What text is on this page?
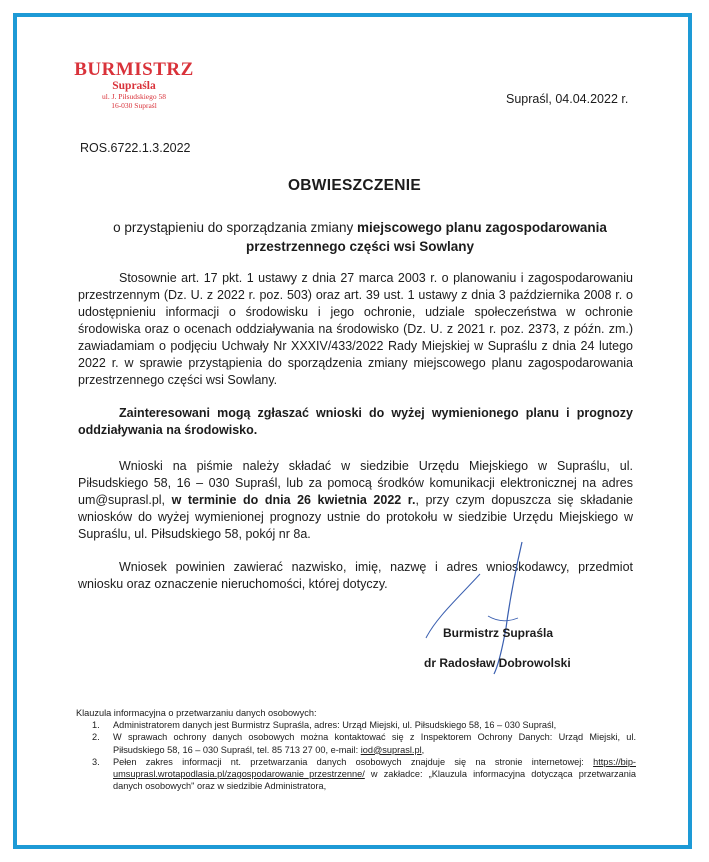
BURMISTRZ
Supraśla
ul. J. Piłsudskiego 58
16-030 Supraśl	Supraśl, 04.04.2022 r.
ROS.6722.1.3.2022
OBWIESZCZENIE
o przystąpieniu do sporządzania zmiany miejscowego planu zagospodarowania przestrzennego części wsi Sowlany
Stosownie art. 17 pkt. 1 ustawy z dnia 27 marca 2003 r. o planowaniu i zagospodarowaniu przestrzennym (Dz. U. z 2022 r. poz. 503) oraz art. 39 ust. 1 ustawy z dnia 3 października 2008 r. o udostępnieniu informacji o środowisku i jego ochronie, udziale społeczeństwa w ochronie środowiska oraz o ocenach oddziaływania na środowisko (Dz. U. z 2021 r. poz. 2373, z późn. zm.) zawiadamiam o podjęciu Uchwały Nr XXXIV/433/2022 Rady Miejskiej w Supraślu z dnia 24 lutego 2022 r. w sprawie przystąpienia do sporządzenia zmiany miejscowego planu zagospodarowania przestrzennego części wsi Sowlany.
Zainteresowani mogą zgłaszać wnioski do wyżej wymienionego planu i prognozy oddziaływania na środowisko.
Wnioski na piśmie należy składać w siedzibie Urzędu Miejskiego w Supraślu, ul. Piłsudskiego 58, 16 – 030 Supraśl, lub za pomocą środków komunikacji elektronicznej na adres um@suprasl.pl, w terminie do dnia 26 kwietnia 2022 r., przy czym dopuszcza się składanie wniosków do wyżej wymienionej prognozy ustnie do protokołu w siedzibie Urzędu Miejskiego w Supraślu, ul. Piłsudskiego 58, pokój nr 8a.
Wniosek powinien zawierać nazwisko, imię, nazwę i adres wnioskodawcy, przedmiot wniosku oraz oznaczenie nieruchomości, której dotyczy.
Burmistrz Supraśla
dr Radosław Dobrowolski
Klauzula informacyjna o przetwarzaniu danych osobowych:
1. Administratorem danych jest Burmistrz Supraśla, adres: Urząd Miejski, ul. Piłsudskiego 58, 16 – 030 Supraśl,
2. W sprawach ochrony danych osobowych można kontaktować się z Inspektorem Ochrony Danych: Urząd Miejski, ul. Piłsudskiego 58, 16 – 030 Supraśl, tel. 85 713 27 00, e-mail: iod@suprasl.pl,
3. Pełen zakres informacji nt. przetwarzania danych osobowych znajduje się na stronie internetowej: https://bip-umsuprasl.wrotapodlasia.pl/zagospodarowanie_przestrzenne/ w zakładce: „Klauzula informacyjna dotycząca przetwarzania danych osobowych" oraz w siedzibie Administratora,
